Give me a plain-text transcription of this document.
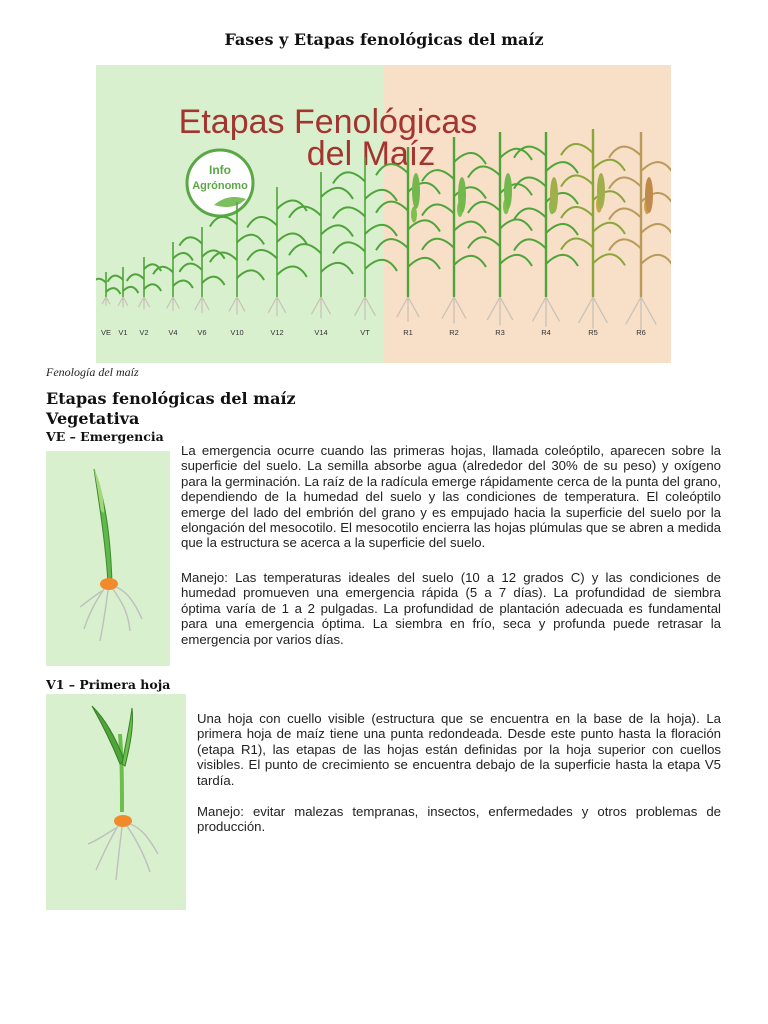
Fases y Etapas fenológicas del maíz
Etapas Fenológicas
del Maíz
Info
Agrónomo
VE V1 V2	V4	V6	V10	V12	V14	VT	R1	R2	R3	R4	R5	R6
Fenología del maíz
Etapas fenológicas del maíz
Vegetativa
VE – Emergencia

La emergencia ocurre cuando las primeras hojas, llamada coleóptilo, aparecen sobre la superficie del suelo. La semilla absorbe agua (alrededor del 30% de su peso) y oxígeno para la germinación. La raíz de la radícula emerge rápidamente cerca de la punta del grano, dependiendo de la humedad del suelo y las condiciones de temperatura. El coleóptilo emerge del lado del embrión del grano y es empujado hacia la superficie del suelo por la elongación del mesocotilo. El mesocotilo encierra las hojas plúmulas que se abren a medida que la estructura se acerca a la superficie del suelo.

Manejo: Las temperaturas ideales del suelo (10 a 12 grados C) y las condiciones de humedad promueven una emergencia rápida (5 a 7 días). La profundidad de siembra óptima varía de 1 a 2 pulgadas. La profundidad de plantación adecuada es fundamental para una emergencia óptima. La siembra en frío, seca y profunda puede retrasar la emergencia por varios días.

V1 – Primera hoja

Una hoja con cuello visible (estructura que se encuentra en la base de la hoja). La primera hoja de maíz tiene una punta redondeada. Desde este punto hasta la floración (etapa R1), las etapas de las hojas están definidas por la hoja superior con cuellos visibles. El punto de crecimiento se encuentra debajo de la superficie hasta la etapa V5 tardía.

Manejo: evitar malezas tempranas, insectos, enfermedades y otros problemas de producción.
